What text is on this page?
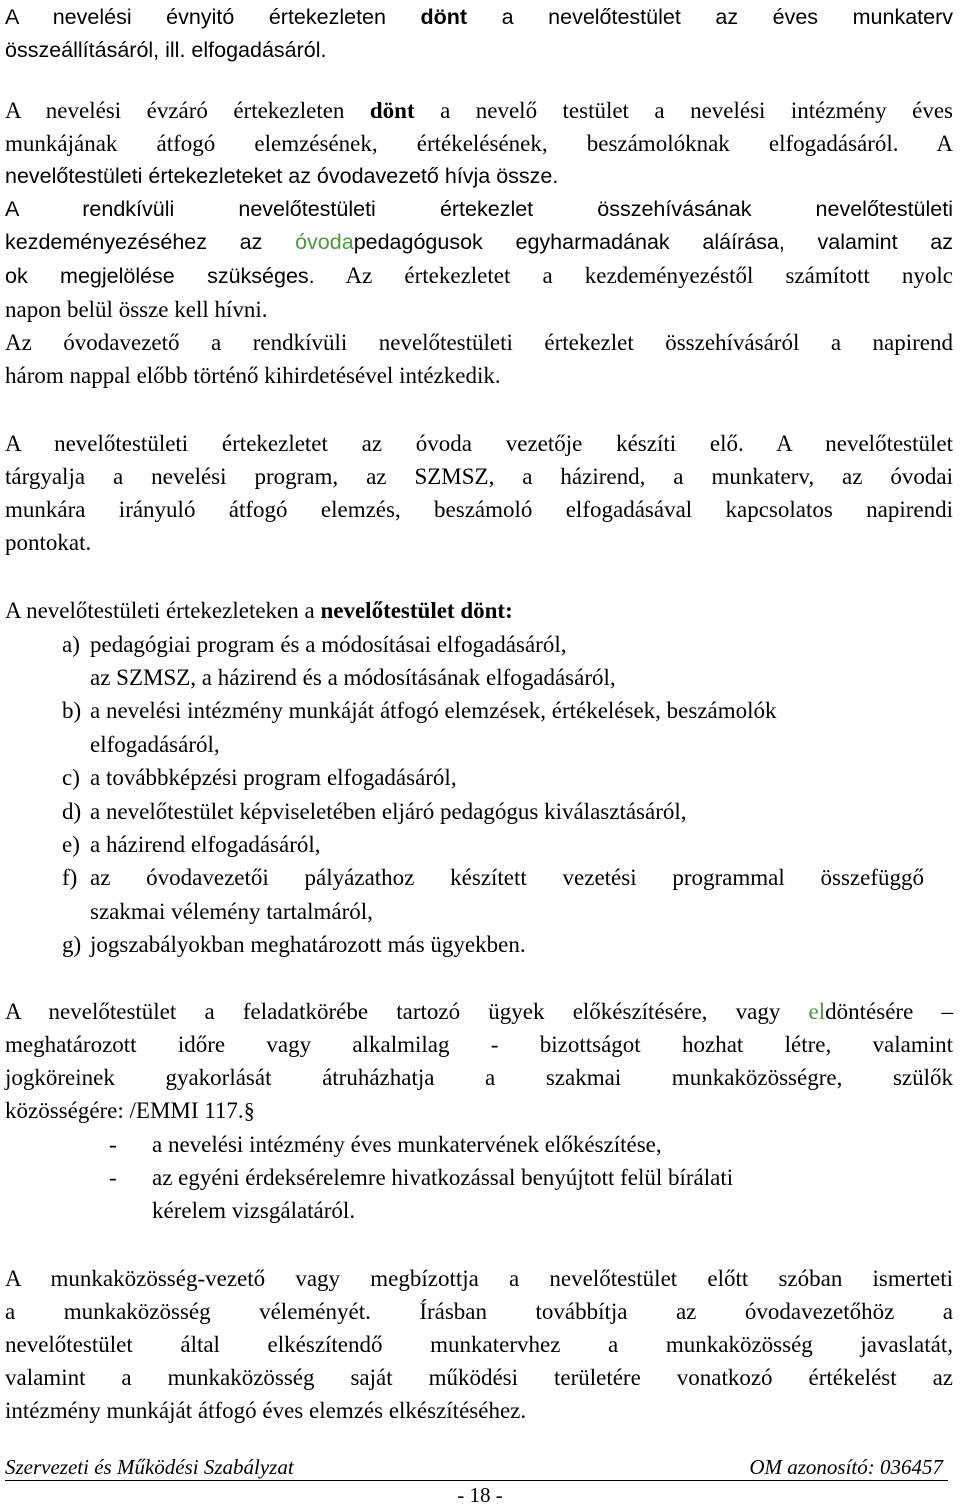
A nevelési évnyitó értekezleten dönt a nevelőtestület az éves munkaterv
összeállításáról, ill. elfogadásáról.
A nevelési évzáró értekezleten dönt a nevelő testület a nevelési intézmény éves
munkájának átfogó elemzésének, értékelésének, beszámolóknak elfogadásáról. A
nevelőtestületi értekezleteket az óvodavezető hívja össze.
A rendkívüli nevelőtestületi értekezlet összehívásának nevelőtestületi
kezdeményezéséhez az óvodapedagógusok egyharmadának aláírása, valamint az
ok megjelölése szükséges. Az értekezletet a kezdeményezéstől számított nyolc
napon belül össze kell hívni.
Az óvodavezető a rendkívüli nevelőtestületi értekezlet összehívásáról a napirend
három nappal előbb történő kihirdetésével intézkedik.
A nevelőtestületi értekezletet az óvoda vezetője készíti elő. A nevelőtestület
tárgyalja a nevelési program, az SZMSZ, a házirend, a munkaterv, az óvodai
munkára irányuló átfogó elemzés, beszámoló elfogadásával kapcsolatos napirendi
pontokat.
A nevelőtestületi értekezleteken a nevelőtestület dönt:
a) pedagógiai program és a módosításai elfogadásáról,
az SZMSZ, a házirend és a módosításának elfogadásáról,
b) a nevelési intézmény munkáját átfogó elemzések, értékelések, beszámolók
elfogadásáról,
c) a továbbképzési program elfogadásáról,
d) a nevelőtestület képviseletében eljáró pedagógus kiválasztásáról,
e) a házirend elfogadásáról,
f) az óvodavezetői pályázathoz készített vezetési programmal összefüggő
szakmai vélemény tartalmáról,
g) jogszabályokban meghatározott más ügyekben.
A nevelőtestület a feladatkörébe tartozó ügyek előkészítésére, vagy eldöntésére –
meghatározott időre vagy alkalmilag - bizottságot hozhat létre, valamint
jogköreinek gyakorlását átruházhatja a szakmai munkaközösségre, szülők
közösségére: /EMMI 117.§
- a nevelési intézmény éves munkatervének előkészítése,
- az egyéni érdeksérelemre hivatkozással benyújtott felül bírálati
kérelem vizsgálatáról.
A munkaközösség-vezető vagy megbízottja a nevelőtestület előtt szóban ismerteti
a munkaközösség véleményét. Írásban továbbítja az óvodavezetőhöz a
nevelőtestület által elkészítendő munkatervhez a munkaközösség javaslatát,
valamint a munkaközösség saját működési területére vonatkozó értékelést az
intézmény munkáját átfogó éves elemzés elkészítéséhez.
Szervezeti és Működési Szabályzat	OM azonosító: 036457
- 18 -
